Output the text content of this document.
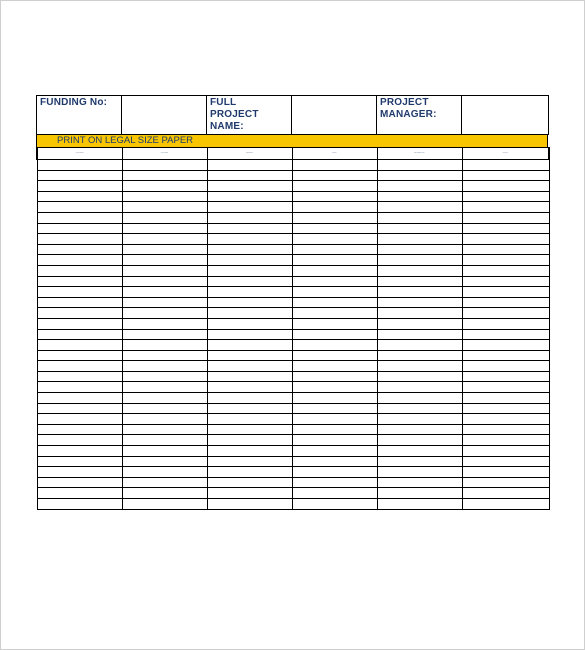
FUNDING No:		FULL PROJECT NAME:		PROJECT MANAGER:	
PRINT ON LEGAL SIZE PAPER
ACTION ITEM No.	DATE OPENED	DESCRIPTION	PRIORITY	RESPONSIBLE PARTY	DUE DATE
